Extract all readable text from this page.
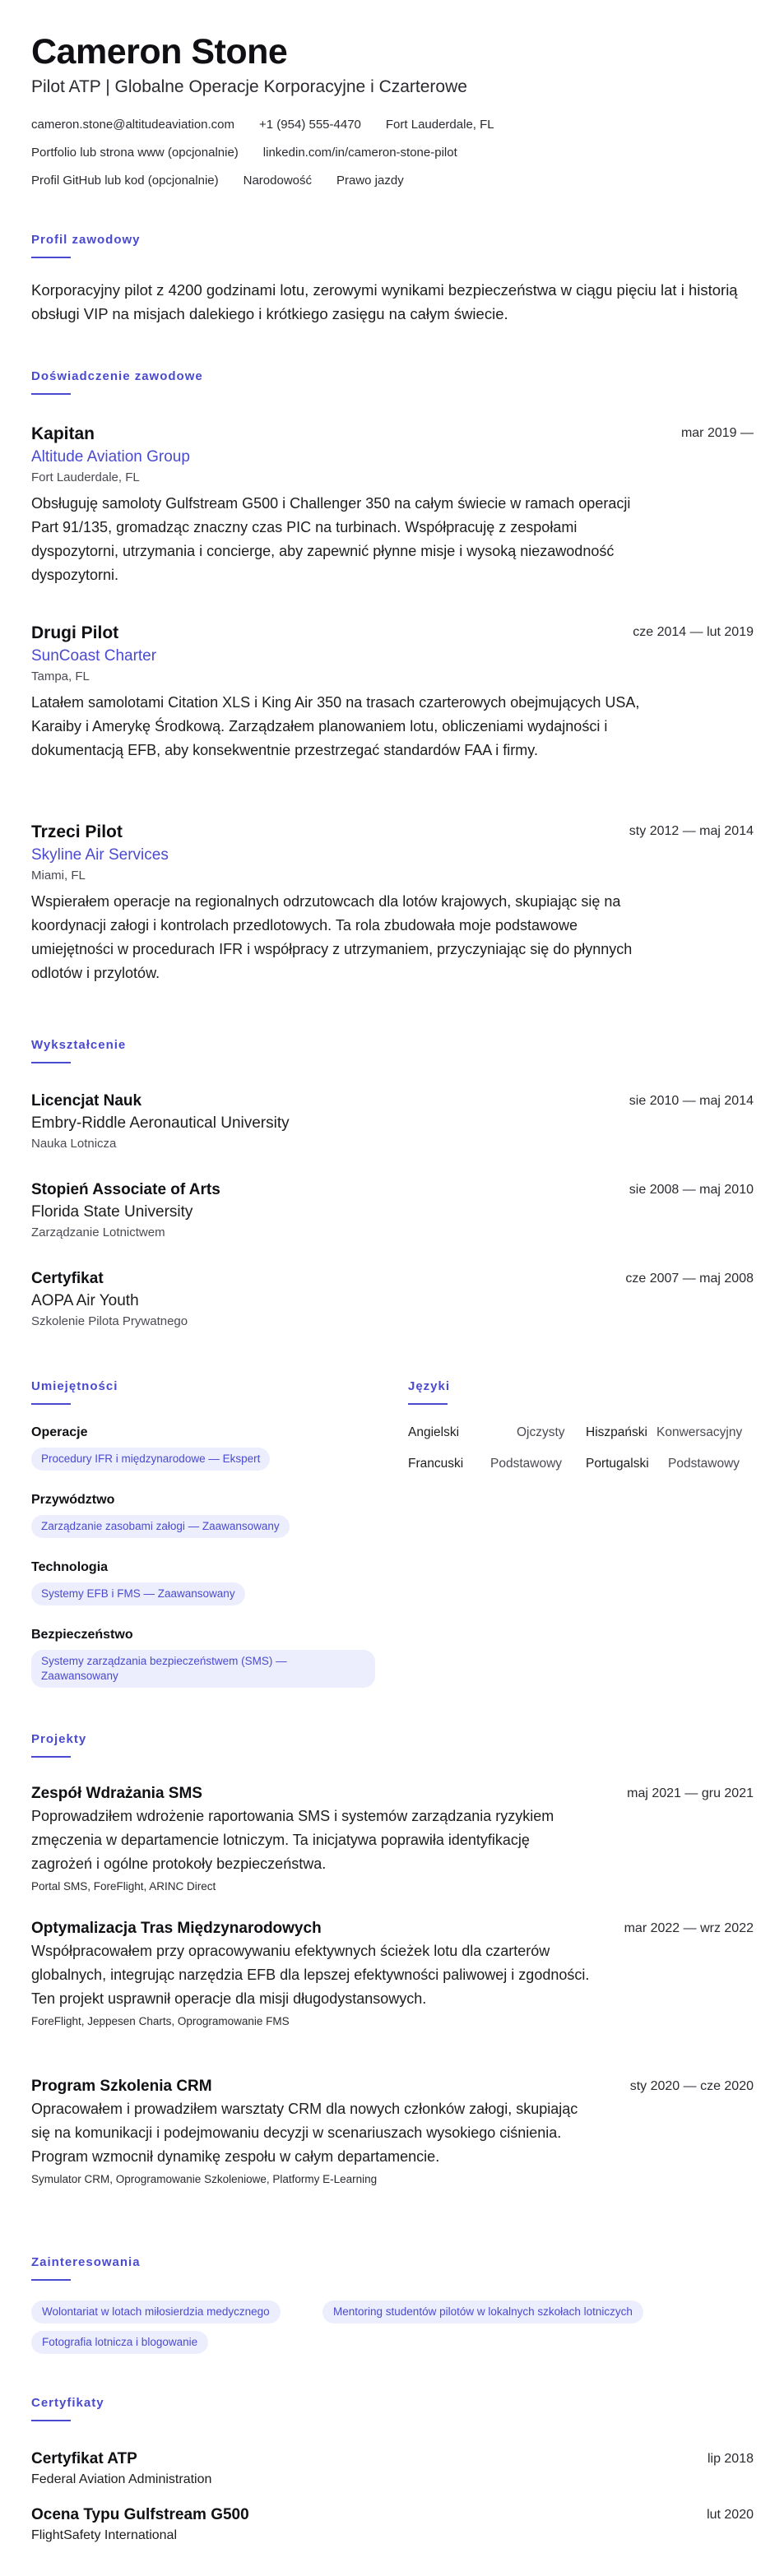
Cameron Stone
Pilot ATP | Globalne Operacje Korporacyjne i Czarterowe
cameron.stone@altitudeaviation.com +1 (954) 555-4470 Fort Lauderdale, FL
Portfolio lub strona www (opcjonalnie) linkedin.com/in/cameron-stone-pilot
Profil GitHub lub kod (opcjonalnie) Narodowość Prawo jazdy
Profil zawodowy
Korporacyjny pilot z 4200 godzinami lotu, zerowymi wynikami bezpieczeństwa w ciągu pięciu lat i historią obsługi VIP na misjach dalekiego i krótkiego zasięgu na całym świecie.
Doświadczenie zawodowe
Kapitan
Altitude Aviation Group
Fort Lauderdale, FL
Obsługuję samoloty Gulfstream G500 i Challenger 350 na całym świecie w ramach operacji Part 91/135, gromadząc znaczny czas PIC na turbinach. Współpracuję z zespołami dyspozytorni, utrzymania i concierge, aby zapewnić płynne misje i wysoką niezawodność dyspozytorni.
mar 2019 —
Drugi Pilot
SunCoast Charter
Tampa, FL
Latałem samolotami Citation XLS i King Air 350 na trasach czarterowych obejmujących USA, Karaiby i Amerykę Środkową. Zarządzałem planowaniem lotu, obliczeniami wydajności i dokumentacją EFB, aby konsekwentnie przestrzegać standardów FAA i firmy.
cze 2014 — lut 2019
Trzeci Pilot
Skyline Air Services
Miami, FL
Wspierałem operacje na regionalnych odrzutowcach dla lotów krajowych, skupiając się na koordynacji załogi i kontrolach przedlotowych. Ta rola zbudowała moje podstawowe umiejętności w procedurach IFR i współpracy z utrzymaniem, przyczyniając się do płynnych odlotów i przylotów.
sty 2012 — maj 2014
Wykształcenie
Licencjat Nauk
Embry-Riddle Aeronautical University
Nauka Lotnicza
sie 2010 — maj 2014
Stopień Associate of Arts
Florida State University
Zarządzanie Lotnictwem
sie 2008 — maj 2010
Certyfikat
AOPA Air Youth
Szkolenie Pilota Prywatnego
cze 2007 — maj 2008
Umiejętności
Operacje
Procedury IFR i międzynarodowe — Ekspert
Przywództwo
Zarządzanie zasobami załogi — Zaawansowany
Technologia
Systemy EFB i FMS — Zaawansowany
Bezpieczeństwo
Systemy zarządzania bezpieczeństwem (SMS) — Zaawansowany
Języki
Angielski	Ojczysty Hiszpański Konwersacyjny
Francuski Podstawowy Portugalski Podstawowy
Projekty
Zespół Wdrażania SMS
Poprowadziłem wdrożenie raportowania SMS i systemów zarządzania ryzykiem zmęczenia w departamencie lotniczym. Ta inicjatywa poprawiła identyfikację zagrożeń i ogólne protokoły bezpieczeństwa.
Portal SMS, ForeFlight, ARINC Direct
maj 2021 — gru 2021
Optymalizacja Tras Międzynarodowych
Współpracowałem przy opracowywaniu efektywnych ścieżek lotu dla czarterów globalnych, integrując narzędzia EFB dla lepszej efektywności paliwowej i zgodności. Ten projekt usprawnił operacje dla misji długodystansowych.
ForeFlight, Jeppesen Charts, Oprogramowanie FMS
mar 2022 — wrz 2022
Program Szkolenia CRM
Opracowałem i prowadziłem warsztaty CRM dla nowych członków załogi, skupiając się na komunikacji i podejmowaniu decyzji w scenariuszach wysokiego ciśnienia. Program wzmocnił dynamikę zespołu w całym departamencie.
Symulator CRM, Oprogramowanie Szkoleniowe, Platformy E-Learning
sty 2020 — cze 2020
Zainteresowania
Wolontariat w lotach miłosierdzia medycznego	Mentoring studentów pilotów w lokalnych szkołach lotniczych
Fotografia lotnicza i blogowanie
Certyfikaty
Certyfikat ATP
Federal Aviation Administration
lip 2018
Ocena Typu Gulfstream G500
FlightSafety International
lut 2020
